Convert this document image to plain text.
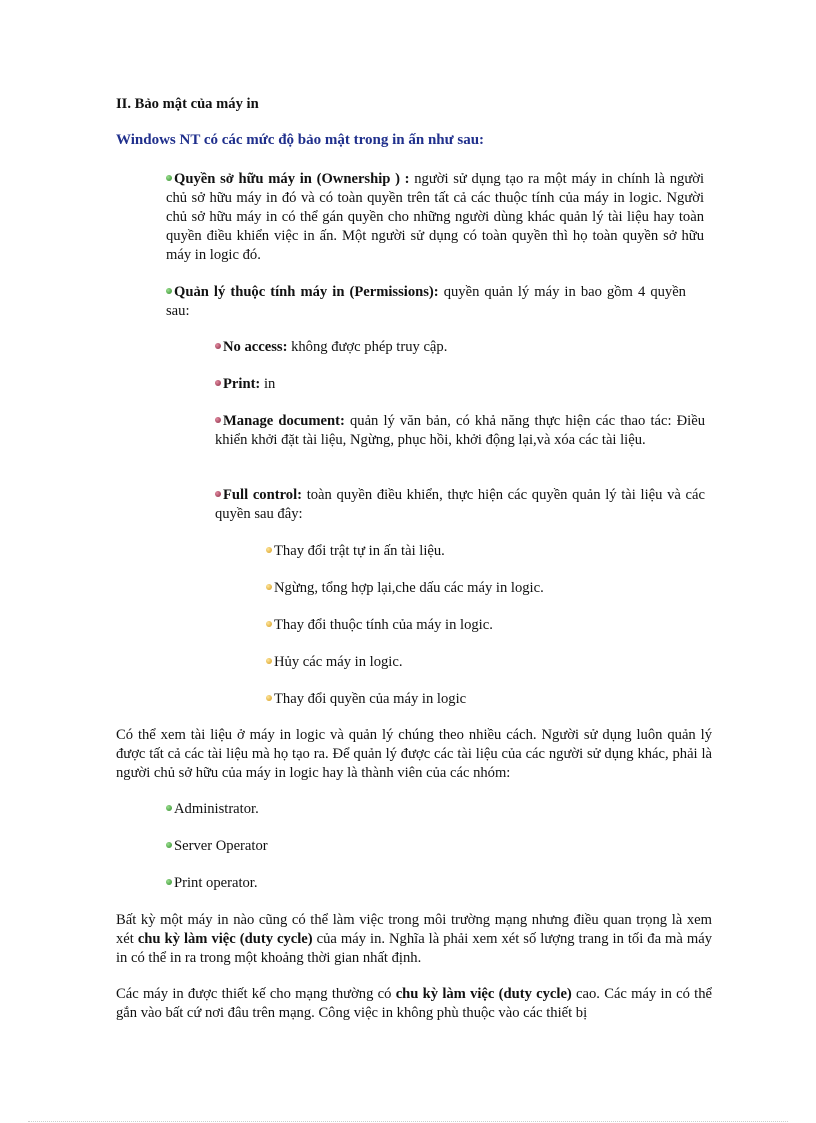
II. Bảo mật của máy in
Windows NT có các mức độ bảo mật trong in ấn như sau:

Quyền sở hữu máy in (Ownership ) : người sử dụng tạo ra một máy in chính là người chủ sở hữu máy in đó và có toàn quyền trên tất cả các thuộc tính của máy in logic. Người chủ sở hữu máy in có thể gán quyền cho những người dùng khác quản lý tài liệu hay toàn quyền điều khiển việc in ấn. Một người sử dụng có toàn quyền thì họ toàn quyền sở hữu máy in logic đó.

Quản lý thuộc tính máy in (Permissions): quyền quản lý máy in bao gồm 4 quyền sau:

No access: không được phép truy cập.
Print: in

Manage document: quản lý văn bản, có khả năng thực hiện các thao tác: Điều khiển khởi đặt tài liệu, Ngừng, phục hồi, khởi động lại,và xóa các tài liệu.

Full control: toàn quyền điều khiển, thực hiện các quyền quản lý tài liệu và các quyền sau đây:

Thay đổi trật tự in ấn tài liệu.
Ngừng, tổng hợp lại,che dấu các máy in logic.
Thay đổi thuộc tính của máy in logic.
Hủy các máy in logic.
Thay đổi quyền của máy in logic

Có thể xem tài liệu ở máy in logic và quản lý chúng theo nhiều cách. Người sử dụng luôn quản lý được tất cả các tài liệu mà họ tạo ra. Để quản lý được các tài liệu của các người sử dụng khác, phải là người chủ sở hữu của máy in logic hay là thành viên của các nhóm:

Administrator.
Server Operator
Print operator.

Bất kỳ một máy in nào cũng có thể làm việc trong môi trường mạng nhưng điều quan trọng là xem xét chu kỳ làm việc (duty cycle) của máy in. Nghĩa là phải xem xét số lượng trang in tối đa mà máy in có thể in ra trong một khoảng thời gian nhất định.

Các máy in được thiết kế cho mạng thường có chu kỳ làm việc (duty cycle) cao. Các máy in có thể gắn vào bất cứ nơi đâu trên mạng. Công việc in không phù thuộc vào các thiết bị
